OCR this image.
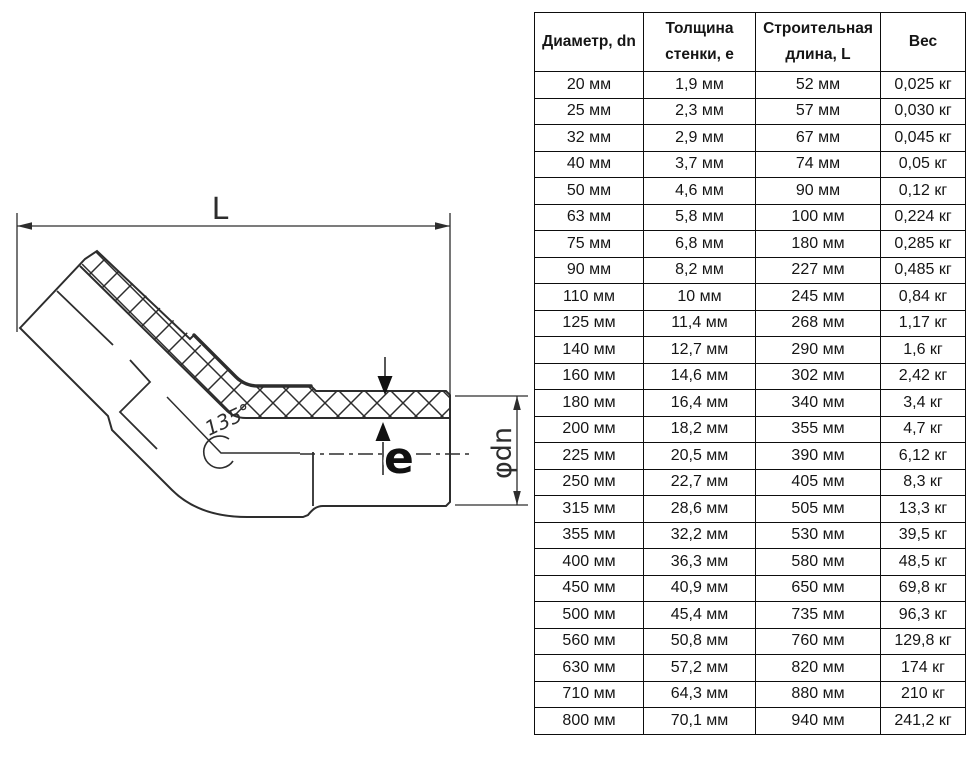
135°
L
e	φdn
Диаметр, dn	Толщина стенки, е	Строительная длина, L	Вес
20 мм	1,9 мм	52 мм	0,025 кг
25 мм	2,3 мм	57 мм	0,030 кг
32 мм	2,9 мм	67 мм	0,045 кг
40 мм	3,7 мм	74 мм	0,05 кг
50 мм	4,6 мм	90 мм	0,12 кг
63 мм	5,8 мм	100 мм	0,224 кг
75 мм	6,8 мм	180 мм	0,285 кг
90 мм	8,2 мм	227 мм	0,485 кг
110 мм	10 мм	245 мм	0,84 кг
125 мм	11,4 мм	268 мм	1,17 кг
140 мм	12,7 мм	290 мм	1,6 кг
160 мм	14,6 мм	302 мм	2,42 кг
180 мм	16,4 мм	340 мм	3,4 кг
200 мм	18,2 мм	355 мм	4,7 кг
225 мм	20,5 мм	390 мм	6,12 кг
250 мм	22,7 мм	405 мм	8,3 кг
315 мм	28,6 мм	505 мм	13,3 кг
355 мм	32,2 мм	530 мм	39,5 кг
400 мм	36,3 мм	580 мм	48,5 кг
450 мм	40,9 мм	650 мм	69,8 кг
500 мм	45,4 мм	735 мм	96,3 кг
560 мм	50,8 мм	760 мм	129,8 кг
630 мм	57,2 мм	820 мм	174 кг
710 мм	64,3 мм	880 мм	210 кг
800 мм	70,1 мм	940 мм	241,2 кг
